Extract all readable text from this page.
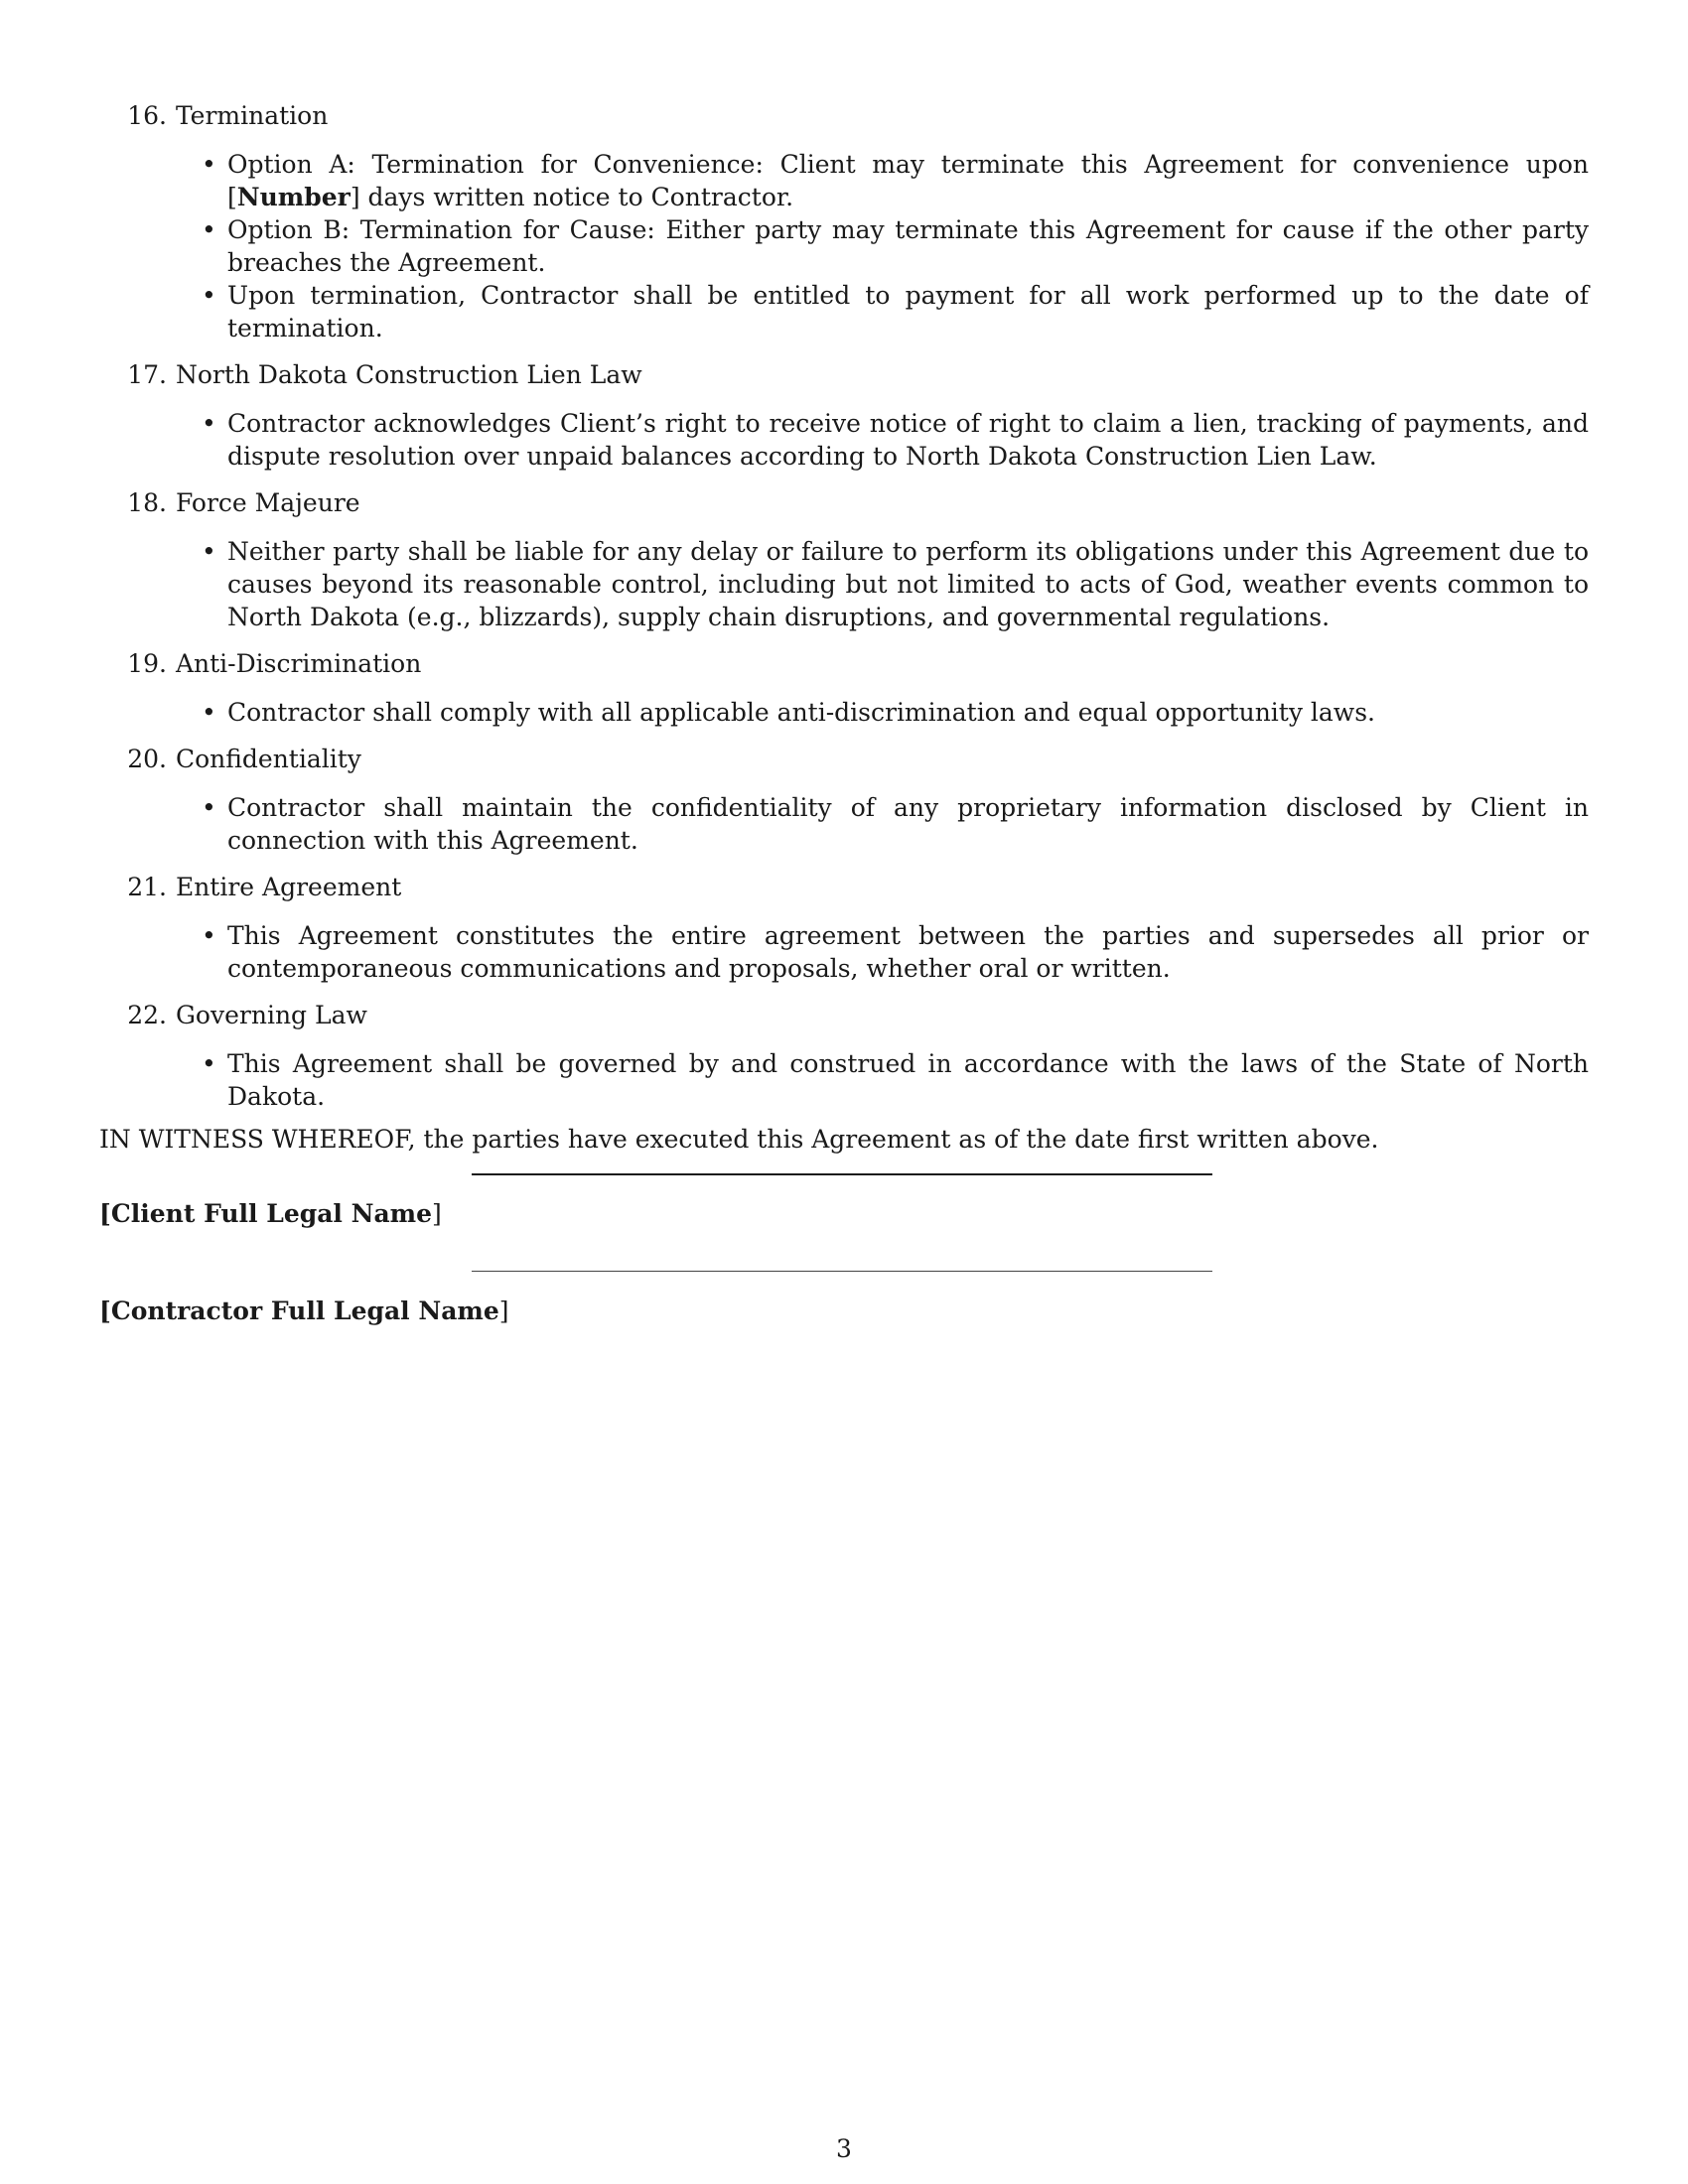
16.
Termination
• Option A: Termination for Convenience: Client may terminate this Agreement for convenience upon [Number] days written notice to Contractor.
• Option B: Termination for Cause: Either party may terminate this Agreement for cause if the other party breaches the Agreement.
• Upon termination, Contractor shall be entitled to payment for all work performed up to the date of termination.
17.
North Dakota Construction Lien Law
• Contractor acknowledges Client’s right to receive notice of right to claim a lien, tracking of payments, and dispute resolution over unpaid balances according to North Dakota Construction Lien Law.
18.
Force Majeure
• Neither party shall be liable for any delay or failure to perform its obligations under this Agreement due to causes beyond its reasonable control, including but not limited to acts of God, weather events common to North Dakota (e.g., blizzards), supply chain disruptions, and governmental regulations.
19.
Anti-Discrimination
• Contractor shall comply with all applicable anti-discrimination and equal opportunity laws.
20.
Confidentiality
• Contractor shall maintain the confidentiality of any proprietary information disclosed by Client in connection with this Agreement.
21.
Entire Agreement
• This Agreement constitutes the entire agreement between the parties and supersedes all prior or contemporaneous communications and proposals, whether oral or written.
22.
Governing Law
• This Agreement shall be governed by and construed in accordance with the laws of the State of North Dakota.
IN WITNESS WHEREOF, the parties have executed this Agreement as of the date first written above.
[Client Full Legal Name]
[Contractor Full Legal Name]
3
